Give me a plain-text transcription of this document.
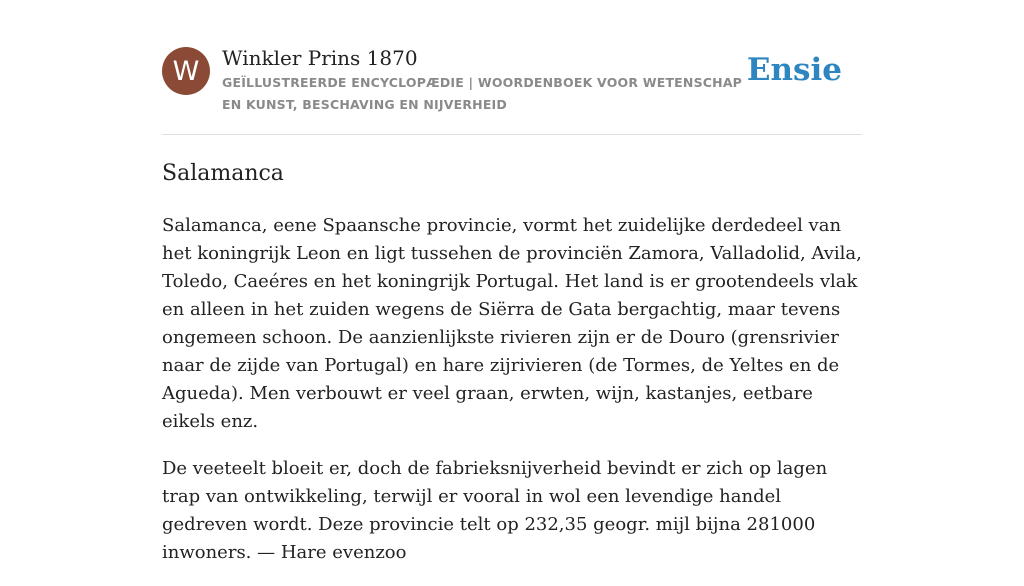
W Winkler Prins 1870
GEÏLLUSTREERDE ENCYCLOPÆDIE | WOORDENBOEK VOOR WETENSCHAP EN KUNST, BESCHAVING EN NIJVERHEID
Ensie
Salamanca

Salamanca, eene Spaansche provincie, vormt het zuidelijke derdedeel van het koningrijk Leon en ligt tussehen de provinciën Zamora, Valladolid, Avila, Toledo, Caeéres en het koningrijk Portugal. Het land is er grootendeels vlak en alleen in het zuiden wegens de Siërra de Gata bergachtig, maar tevens ongemeen schoon. De aanzienlijkste rivieren zijn er de Douro (grensrivier naar de zijde van Portugal) en hare zijrivieren (de Tormes, de Yeltes en de Agueda). Men verbouwt er veel graan, erwten, wijn, kastanjes, eetbare eikels enz.

De veeteelt bloeit er, doch de fabrieksnijverheid bevindt er zich op lagen trap van ontwikkeling, terwijl er vooral in wol een levendige handel gedreven wordt. Deze provincie telt op 232,35 geogr. mijl bijna 281000 inwoners. — Hare evenzoo
